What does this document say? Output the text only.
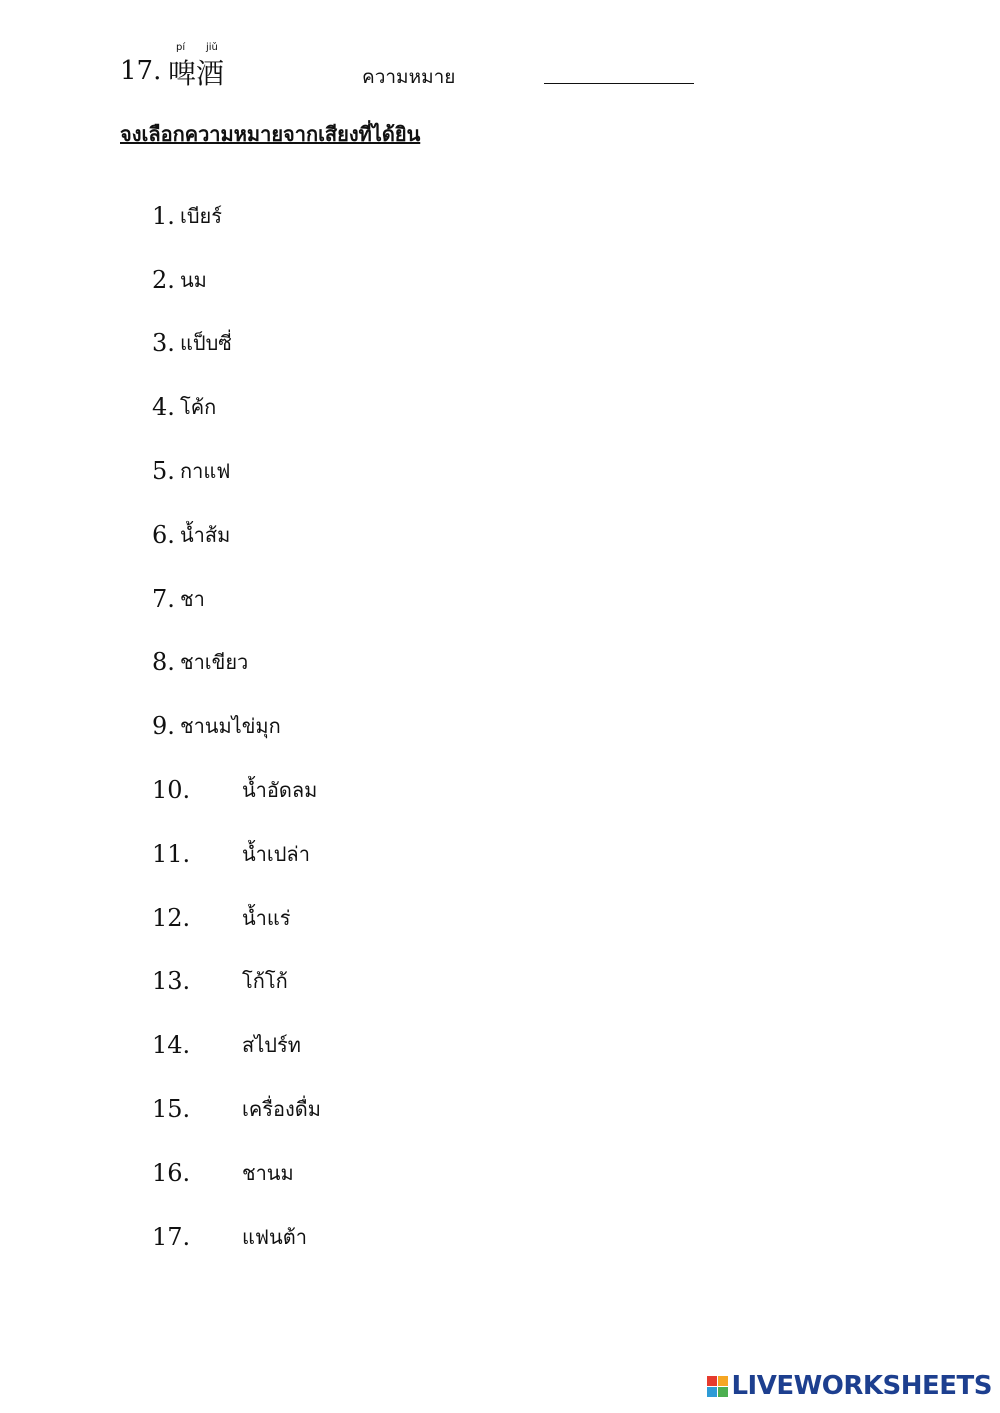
17.
pí jiǔ
啤酒	ความหมาย
จงเลือกความหมายจากเสียงที่ได้ยิน
1. เบียร์
2. นม
3. แป็บซี่
4. โค้ก
5. กาแฟ
6. น้ำส้ม
7. ชา
8. ชาเขียว
9. ชานมไข่มุก
10.	น้ำอัดลม
11.	น้ำเปล่า
12.	น้ำแร่
13.	โก้โก้
14.	สไปร์ท
15.	เครื่องดื่ม
16.	ชานม
17.	แฟนต้า
LIVEWORKSHEETS
